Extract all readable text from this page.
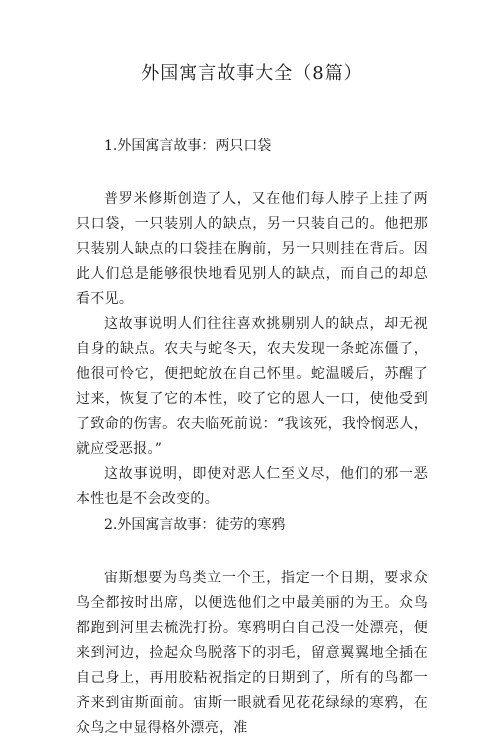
外国寓言故事大全（8篇）
1.外国寓言故事：两只口袋

普罗米修斯创造了人，又在他们每人脖子上挂了两只口袋，一只装别人的缺点，另一只装自己的。他把那只装别人缺点的口袋挂在胸前，另一只则挂在背后。因此人们总是能够很快地看见别人的缺点，而自己的却总看不见。

这故事说明人们往往喜欢挑剔别人的缺点，却无视自身的缺点。农夫与蛇冬天，农夫发现一条蛇冻僵了，他很可怜它，便把蛇放在自己怀里。蛇温暖后，苏醒了过来，恢复了它的本性，咬了它的恩人一口，使他受到了致命的伤害。农夫临死前说：“我该死，我怜悯恶人，就应受恶报。”

这故事说明，即使对恶人仁至义尽，他们的邪一恶本性也是不会改变的。

2.外国寓言故事：徒劳的寒鸦

宙斯想要为鸟类立一个王，指定一个日期，要求众鸟全都按时出席，以便选他们之中最美丽的为王。众鸟都跑到河里去梳洗打扮。寒鸦明白自己没一处漂亮，便来到河边，捡起众鸟脱落下的羽毛，留意翼翼地全插在自己身上，再用胶粘祝指定的日期到了，所有的鸟都一齐来到宙斯面前。宙斯一眼就看见花花绿绿的寒鸦，在众鸟之中显得格外漂亮，准
